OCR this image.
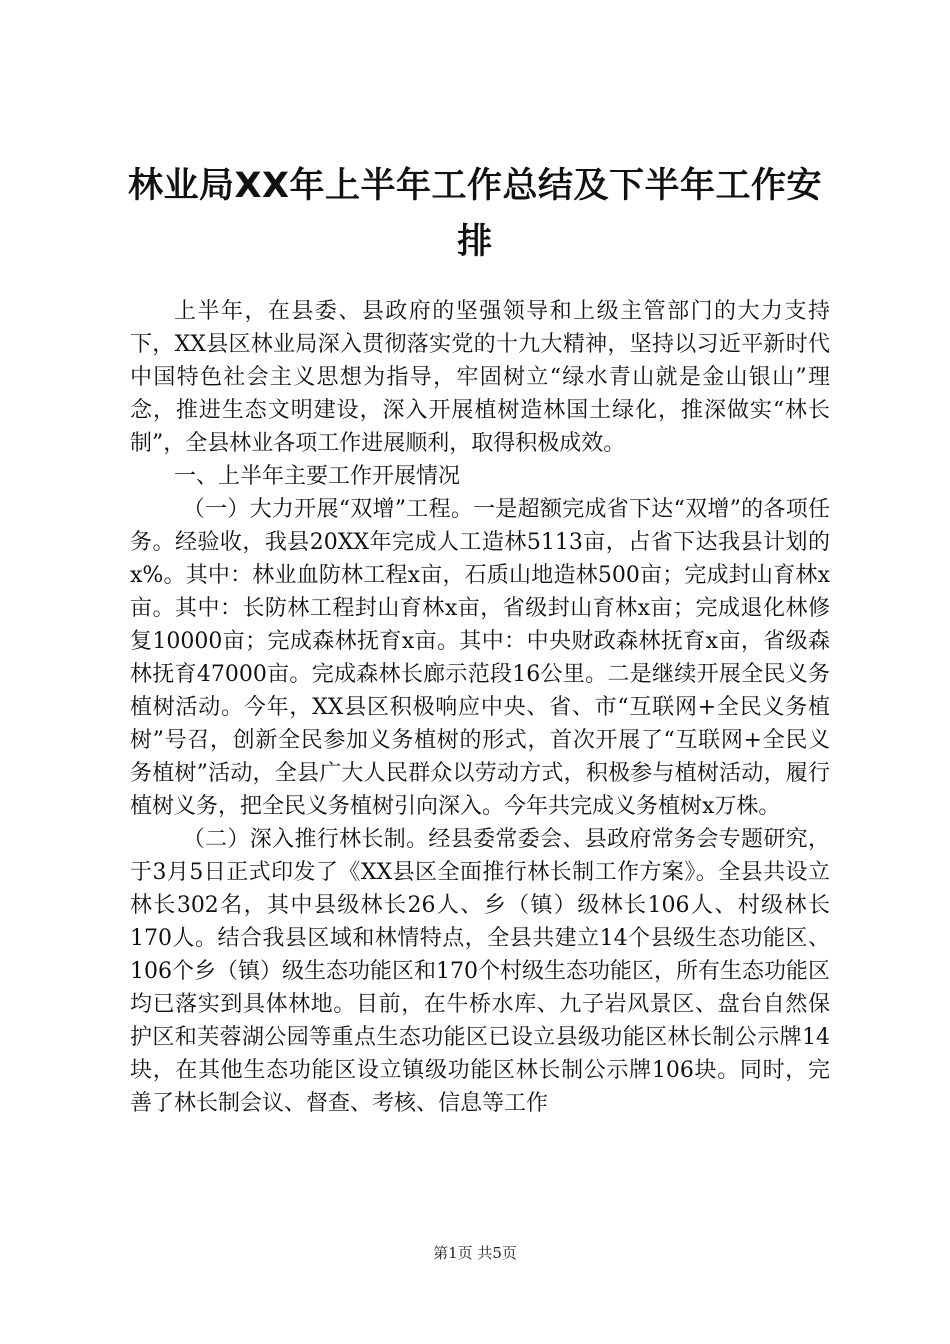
林业局XX年上半年工作总结及下半年工作安排

上半年，在县委、县政府的坚强领导和上级主管部门的大力支持下，XX县区林业局深入贯彻落实党的十九大精神，坚持以习近平新时代中国特色社会主义思想为指导，牢固树立“绿水青山就是金山银山”理念，推进生态文明建设，深入开展植树造林国土绿化，推深做实“林长制”，全县林业各项工作进展顺利，取得积极成效。

一、上半年主要工作开展情况

（一）大力开展“双增”工程。一是超额完成省下达“双增”的各项任务。经验收，我县20XX年完成人工造林5113亩，占省下达我县计划的x%。其中：林业血防林工程x亩，石质山地造林500亩；完成封山育林x亩。其中：长防林工程封山育林x亩，省级封山育林x亩；完成退化林修复10000亩；完成森林抚育x亩。其中：中央财政森林抚育x亩，省级森林抚育47000亩。完成森林长廊示范段16公里。二是继续开展全民义务植树活动。今年，XX县区积极响应中央、省、市“互联网+全民义务植树”号召，创新全民参加义务植树的形式，首次开展了“互联网+全民义务植树”活动，全县广大人民群众以劳动方式，积极参与植树活动，履行植树义务，把全民义务植树引向深入。今年共完成义务植树x万株。

（二）深入推行林长制。经县委常委会、县政府常务会专题研究，于3月5日正式印发了《XX县区全面推行林长制工作方案》。全县共设立林长302名，其中县级林长26人、乡（镇）级林长106人、村级林长170人。结合我县区域和林情特点，全县共建立14个县级生态功能区、106个乡（镇）级生态功能区和170个村级生态功能区，所有生态功能区均已落实到具体林地。目前，在牛桥水库、九子岩风景区、盘台自然保护区和芙蓉湖公园等重点生态功能区已设立县级功能区林长制公示牌14块，在其他生态功能区设立镇级功能区林长制公示牌106块。同时，完善了林长制会议、督查、考核、信息等工作

第1页 共5页
